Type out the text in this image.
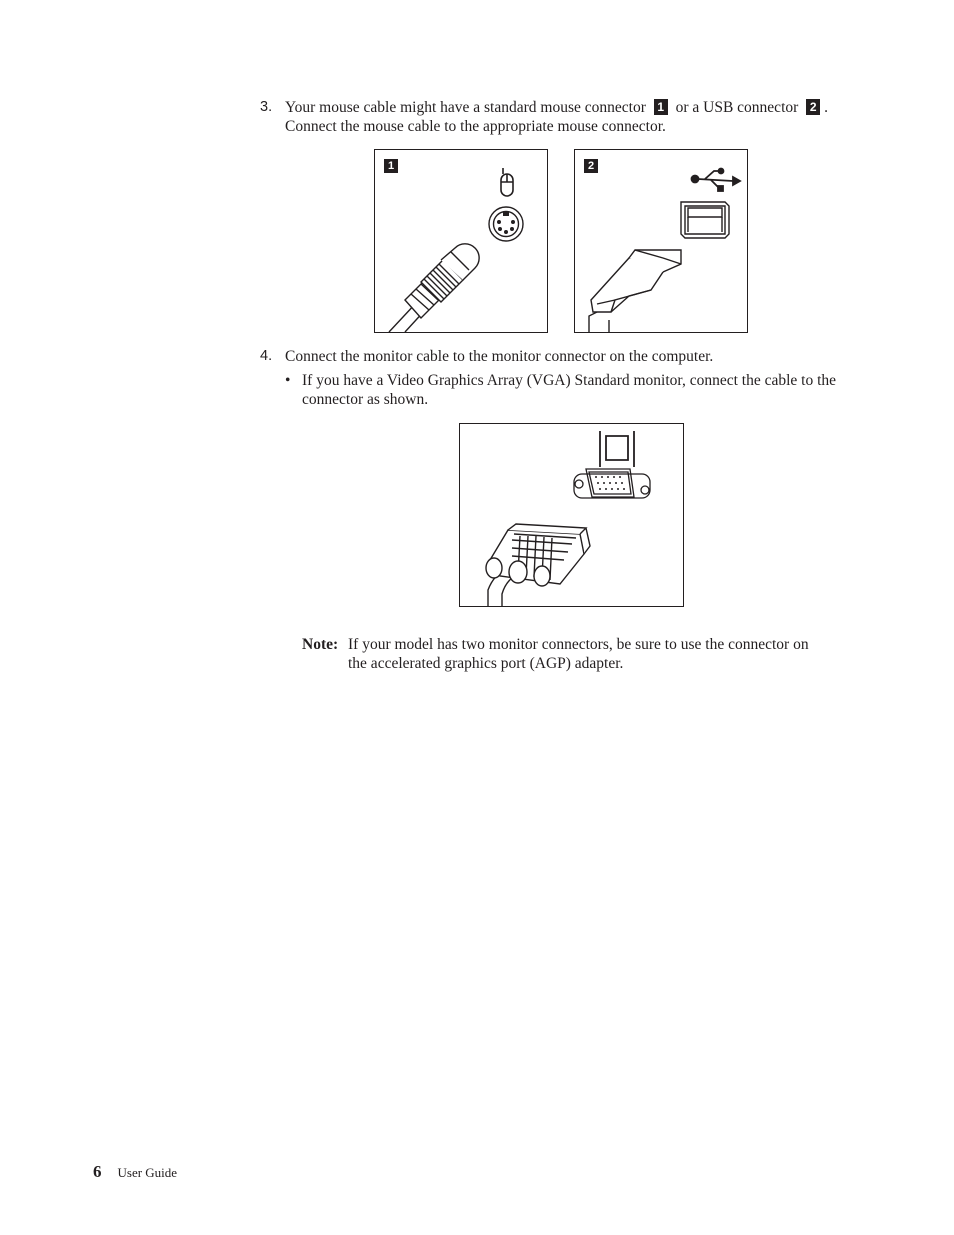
3. Your mouse cable might have a standard mouse connector 1 or a USB connector 2 . Connect the mouse cable to the appropriate mouse connector.
1	2
4. Connect the monitor cable to the monitor connector on the computer.
• If you have a Video Graphics Array (VGA) Standard monitor, connect the cable to the connector as shown.
Note: If your model has two monitor connectors, be sure to use the connector on the accelerated graphics port (AGP) adapter.
6 User Guide
